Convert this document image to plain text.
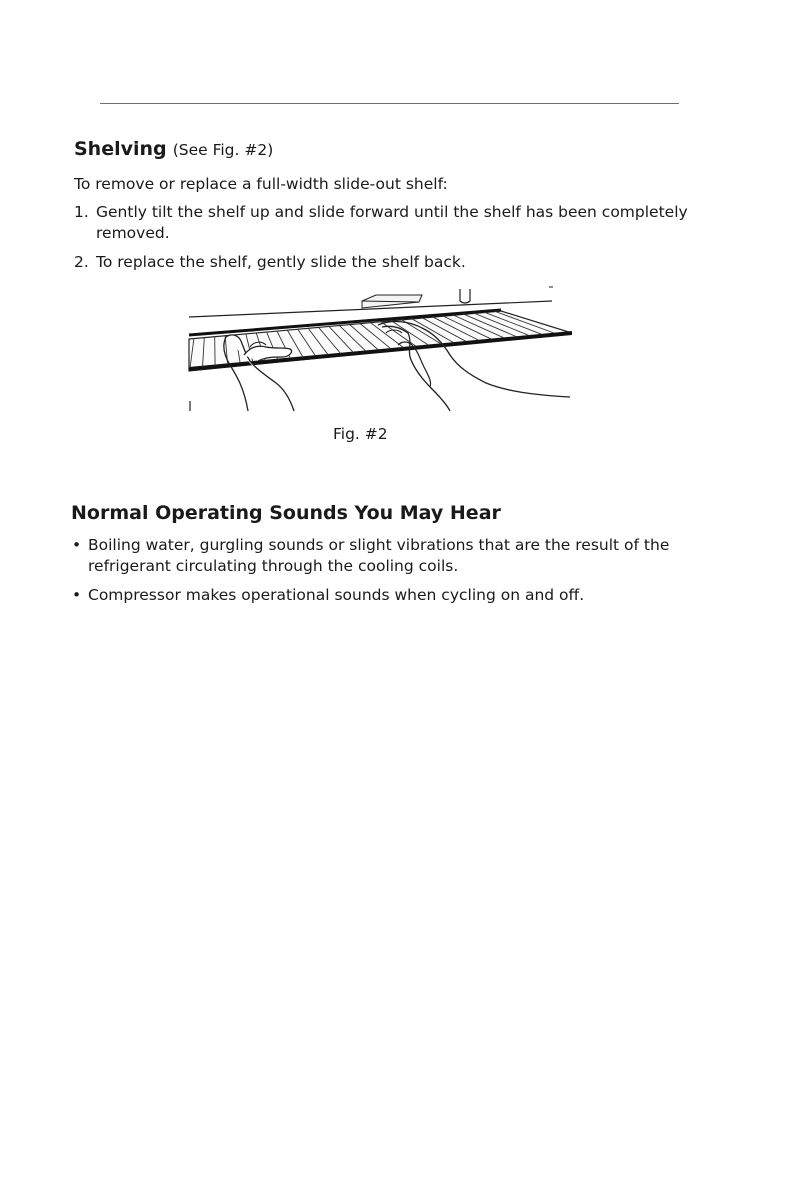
Shelving (See Fig. #2)
To remove or replace a full-width slide-out shelf:
1. Gently tilt the shelf up and slide forward until the shelf has been completely
removed.
2. To replace the shelf, gently slide the shelf back.
Fig. #2
Normal Operating Sounds You May Hear
• Boiling water, gurgling sounds or slight vibrations that are the result of the
refrigerant circulating through the cooling coils.
• Compressor makes operational sounds when cycling on and off.
